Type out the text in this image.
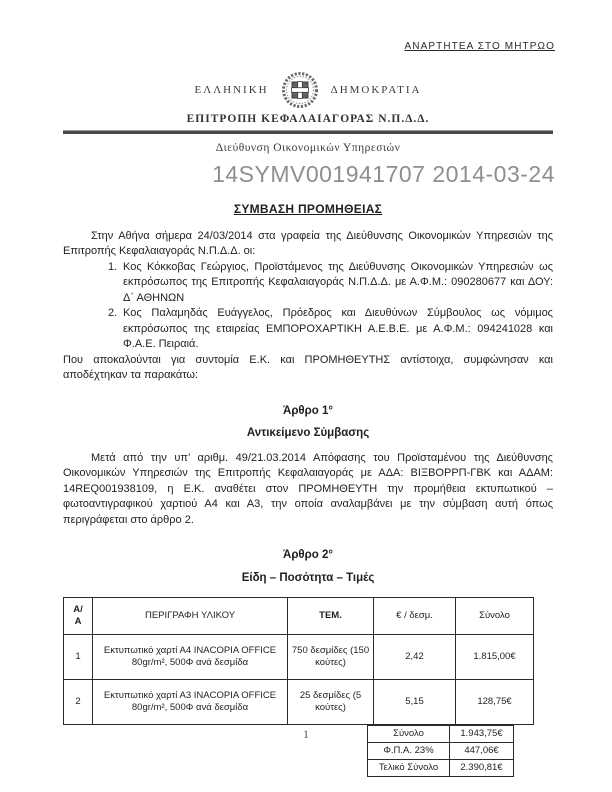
ΑΝΑΡΤΗΤΕΑ ΣΤΟ ΜΗΤΡΩΟ
ΕΛΛΗΝΙΚΗ	ΔΗΜΟΚΡΑΤΙΑ
ΕΠΙΤΡΟΠΗ ΚΕΦΑΛΑΙΑΓΟΡΑΣ Ν.Π.Δ.Δ.
Διεύθυνση Οικονομικών Υπηρεσιών
14SYMV001941707 2014-03-24
ΣΥΜΒΑΣΗ ΠΡΟΜΗΘΕΙΑΣ

Στην Αθήνα σήμερα 24/03/2014 στα γραφεία της Διεύθυνσης Οικονομικών Υπηρεσιών της Επιτροπής Κεφαλαιαγοράς Ν.Π.Δ.Δ. οι:

1. Κος Κόκκοβας Γεώργιος, Προϊστάμενος της Διεύθυνσης Οικονομικών Υπηρεσιών ως εκπρόσωπος της Επιτροπής Κεφαλαιαγοράς Ν.Π.Δ.Δ. με Α.Φ.Μ.: 090280677 και ΔΟΥ: Δ΄ ΑΘΗΝΩΝ
2. Κος Παλαμηδάς Ευάγγελος, Πρόεδρος και Διευθύνων Σύμβουλος ως νόμιμος εκπρόσωπος της εταιρείας ΕΜΠΟΡΟΧΑΡΤΙΚΗ Α.Ε.Β.Ε. με Α.Φ.Μ.: 094241028 και Φ.Α.Ε. Πειραιά.

Που αποκαλούνται για συντομία Ε.Κ. και ΠΡΟΜΗΘΕΥΤΗΣ αντίστοιχα, συμφώνησαν και αποδέχτηκαν τα παρακάτω:

Άρθρο 1°
Αντικείμενο Σύμβασης

Μετά από την υπ’ αριθμ. 49/21.03.2014 Απόφασης του Προϊσταμένου της Διεύθυνσης Οικονομικών Υπηρεσιών της Επιτροπής Κεφαλαιαγοράς με ΑΔΑ: ΒΙΞΒΟΡΡΠ-ΓΒΚ και ΑΔΑΜ: 14REQ001938109, η Ε.Κ. αναθέτει στον ΠΡΟΜΗΘΕΥΤΗ την προμήθεια εκτυπωτικού – φωτοαντιγραφικού χαρτιού Α4 και Α3, την οποία αναλαμβάνει με την σύμβαση αυτή όπως περιγράφεται στο άρθρο 2.

Άρθρο 2°
Είδη – Ποσότητα – Τιμές
Α/
Α	ΠΕΡΙΓΡΑΦΗ ΥΛΙΚΟΥ	ΤΕΜ.	€ / δεσμ.	Σύνολο
1	Εκτυπωτικό χαρτί Α4 INACOPIA OFFICE 80gr/m², 500Φ ανά δεσμίδα	750 δεσμίδες (150 κούτες)	2,42	1.815,00€
2	Εκτυπωτικό χαρτί Α3 INACOPIA OFFICE 80gr/m², 500Φ ανά δεσμίδα	25 δεσμίδες (5 κούτες)	5,15	128,75€
Σύνολο	1.943,75€
Φ.Π.Α. 23%	447,06€
Τελικό Σύνολο	2.390,81€
1
